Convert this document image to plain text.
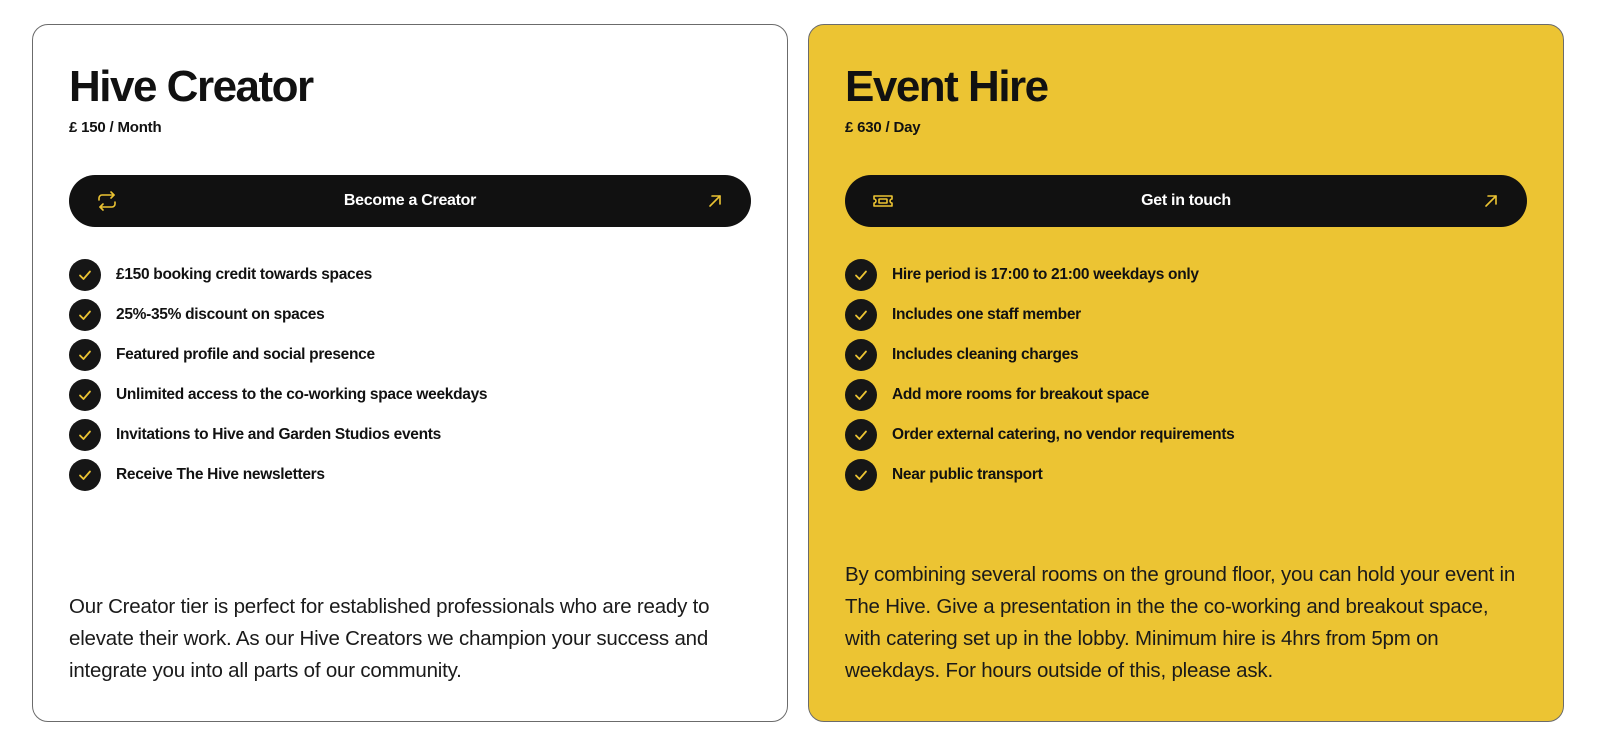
Hive Creator
£ 150 / Month
Become a Creator
£150 booking credit towards spaces
25%-35% discount on spaces
Featured profile and social presence
Unlimited access to the co-working space weekdays
Invitations to Hive and Garden Studios events
Receive The Hive newsletters

Our Creator tier is perfect for established professionals who are ready to elevate their work. As our Hive Creators we champion your success and integrate you into all parts of our community.

Event Hire
£ 630 / Day
Get in touch
Hire period is 17:00 to 21:00 weekdays only
Includes one staff member
Includes cleaning charges
Add more rooms for breakout space
Order external catering, no vendor requirements
Near public transport

By combining several rooms on the ground floor, you can hold your event in The Hive. Give a presentation in the the co-working and breakout space, with catering set up in the lobby. Minimum hire is 4hrs from 5pm on weekdays. For hours outside of this, please ask.
